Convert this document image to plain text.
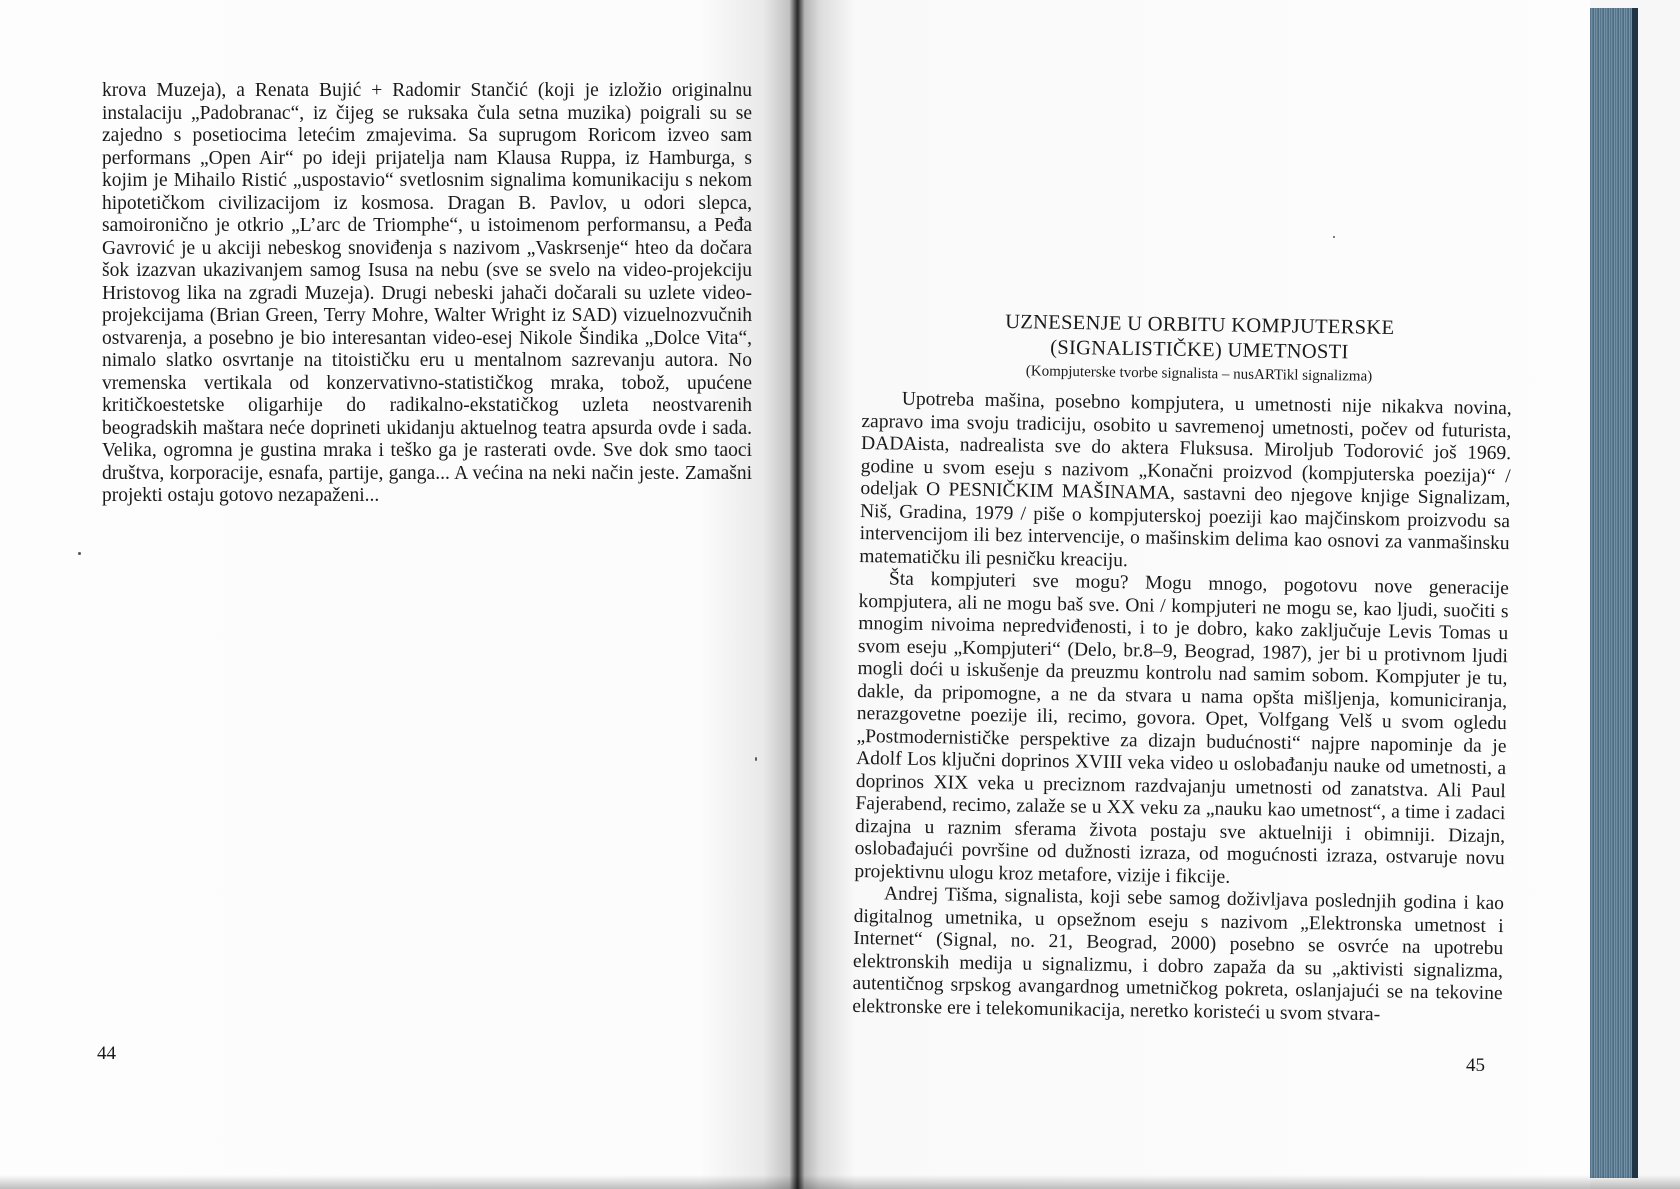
krova Muzeja), a Renata Bujić + Radomir Stančić (koji je izložio originalnu instalaciju „Padobranac“, iz čijeg se ruksaka čula setna muzika) poigrali su se zajedno s posetiocima letećim zmajevima. Sa suprugom Roricom izveo sam performans „Open Air“ po ideji prijatelja nam Klausa Ruppa, iz Hamburga, s kojim je Mihailo Ristić „uspostavio“ svetlosnim signalima komunikaciju s nekom hipotetičkom civilizacijom iz kosmosa. Dragan B. Pavlov, u odori slepca, samoironično je otkrio „L’arc de Triomphe“, u istoimenom performansu, a Peđa Gavrović je u akciji nebeskog snoviđenja s nazivom „Vaskrsenje“ hteo da dočara šok izazvan ukazivanjem samog Isusa na nebu (sve se svelo na video-projekciju Hristovog lika na zgradi Muzeja). Drugi nebeski jahači dočarali su uzlete video-projekcijama (Brian Green, Terry Mohre, Walter Wright iz SAD) vizuelnozvučnih ostvarenja, a posebno je bio interesantan video-esej Nikole Šindika „Dolce Vita“, nimalo slatko osvrtanje na titoističku eru u mentalnom sazrevanju autora. No vremenska vertikala od konzervativno-statističkog mraka, tobož, upućene kritičkoestetske oligarhije do radikalno-ekstatičkog uzleta neostvarenih beogradskih maštara neće doprineti ukidanju aktuelnog teatra apsurda ovde i sada. Velika, ogromna je gustina mraka i teško ga je rasterati ovde. Sve dok smo taoci društva, korporacije, esnafa, partije, ganga... A većina na neki način jeste. Zamašni projekti ostaju gotovo nezapaženi...

44
UZNESENJE U ORBITU KOMPJUTERSKE
(SIGNALISTIČKE) UMETNOSTI
(Kompjuterske tvorbe signalista – nusARTikl signalizma)

Upotreba mašina, posebno kompjutera, u umetnosti nije nikakva novina, zapravo ima svoju tradiciju, osobito u savremenoj umetnosti, počev od futurista, DADAista, nadrealista sve do aktera Fluksusa. Miroljub Todorović još 1969. godine u svom eseju s nazivom „Konačni proizvod (kompjuterska poezija)“ / odeljak O PESNIČKIM MAŠINAMA, sastavni deo njegove knjige Signalizam, Niš, Gradina, 1979 / piše o kompjuterskoj poeziji kao majčinskom proizvodu sa intervencijom ili bez intervencije, o mašinskim delima kao osnovi za vanmašinsku matematičku ili pesničku kreaciju.

Šta kompjuteri sve mogu? Mogu mnogo, pogotovu nove generacije kompjutera, ali ne mogu baš sve. Oni / kompjuteri ne mogu se, kao ljudi, suočiti s mnogim nivoima nepredviđenosti, i to je dobro, kako zaključuje Levis Tomas u svom eseju „Kompjuteri“ (Delo, br.8–9, Beograd, 1987), jer bi u protivnom ljudi mogli doći u iskušenje da preuzmu kontrolu nad samim sobom. Kompjuter je tu, dakle, da pripomogne, a ne da stvara u nama opšta mišljenja, komuniciranja, nerazgovetne poezije ili, recimo, govora. Opet, Volfgang Velš u svom ogledu „Postmodernističke perspektive za dizajn budućnosti“ najpre napominje da je Adolf Los ključni doprinos XVIII veka video u oslobađanju nauke od umetnosti, a doprinos XIX veka u preciznom razdvajanju umetnosti od zanatstva. Ali Paul Fajerabend, recimo, zalaže se u XX veku za „nauku kao umetnost“, a time i zadaci dizajna u raznim sferama života postaju sve aktuelniji i obimniji. Dizajn, oslobađajući površine od dužnosti izraza, od mogućnosti izraza, ostvaruje novu projektivnu ulogu kroz metafore, vizije i fikcije.

Andrej Tišma, signalista, koji sebe samog doživljava poslednjih godina i kao digitalnog umetnika, u opsežnom eseju s nazivom „Elektronska umetnost i Internet“ (Signal, no. 21, Beograd, 2000) posebno se osvrće na upotrebu elektronskih medija u signalizmu, i dobro zapaža da su „aktivisti signalizma, autentičnog srpskog avangardnog umetničkog pokreta, oslanjajući se na tekovine elektronske ere i telekomunikacija, neretko koristeći u svom stvara-

45
